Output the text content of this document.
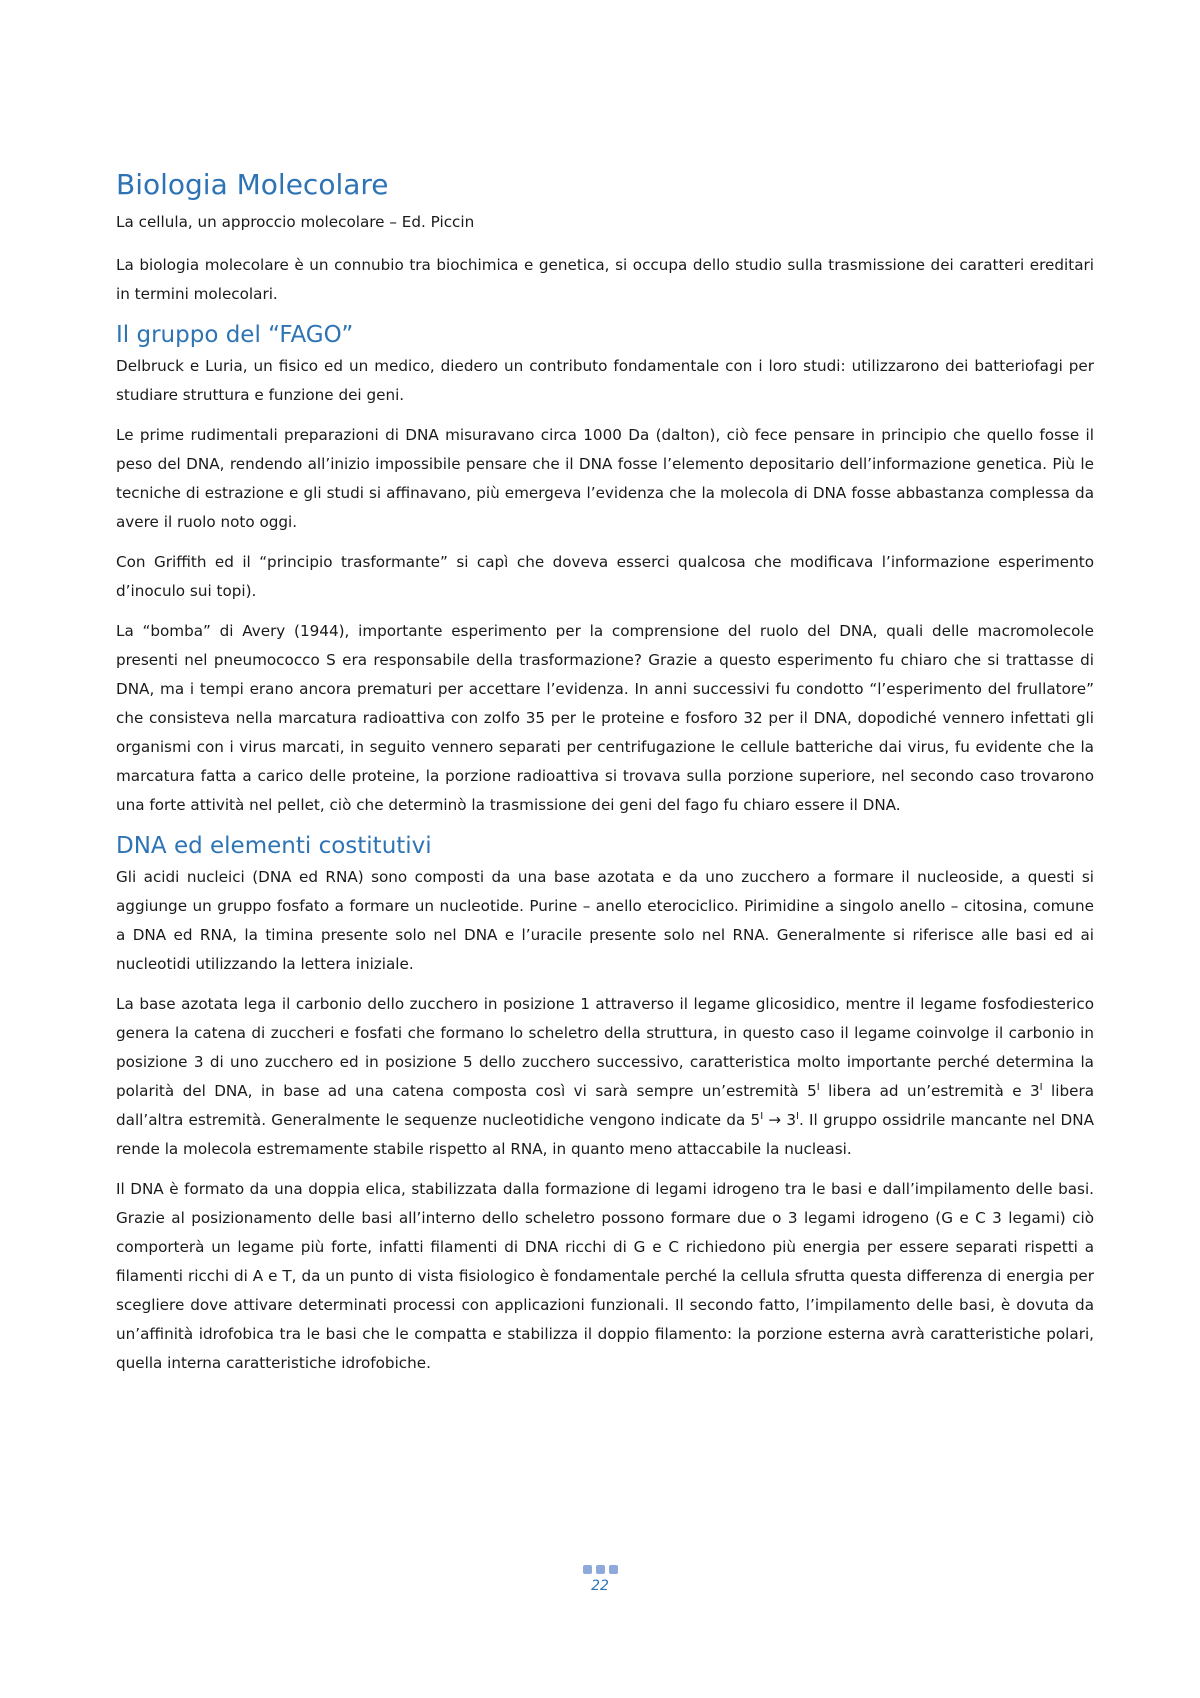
Biologia Molecolare

La cellula, un approccio molecolare – Ed. Piccin

La biologia molecolare è un connubio tra biochimica e genetica, si occupa dello studio sulla trasmissione dei caratteri ereditari in termini molecolari.

Il gruppo del “FAGO”

Delbruck e Luria, un fisico ed un medico, diedero un contributo fondamentale con i loro studi: utilizzarono dei batteriofagi per studiare struttura e funzione dei geni.

Le prime rudimentali preparazioni di DNA misuravano circa 1000 Da (dalton), ciò fece pensare in principio che quello fosse il peso del DNA, rendendo all’inizio impossibile pensare che il DNA fosse l’elemento depositario dell’informazione genetica. Più le tecniche di estrazione e gli studi si affinavano, più emergeva l’evidenza che la molecola di DNA fosse abbastanza complessa da avere il ruolo noto oggi.

Con Griffith ed il “principio trasformante” si capì che doveva esserci qualcosa che modificava l’informazione esperimento d’inoculo sui topi).

La “bomba” di Avery (1944), importante esperimento per la comprensione del ruolo del DNA, quali delle macromolecole presenti nel pneumococco S era responsabile della trasformazione? Grazie a questo esperimento fu chiaro che si trattasse di DNA, ma i tempi erano ancora prematuri per accettare l’evidenza. In anni successivi fu condotto “l’esperimento del frullatore” che consisteva nella marcatura radioattiva con zolfo 35 per le proteine e fosforo 32 per il DNA, dopodiché vennero infettati gli organismi con i virus marcati, in seguito vennero separati per centrifugazione le cellule batteriche dai virus, fu evidente che la marcatura fatta a carico delle proteine, la porzione radioattiva si trovava sulla porzione superiore, nel secondo caso trovarono una forte attività nel pellet, ciò che determinò la trasmissione dei geni del fago fu chiaro essere il DNA.

DNA ed elementi costitutivi

Gli acidi nucleici (DNA ed RNA) sono composti da una base azotata e da uno zucchero a formare il nucleoside, a questi si aggiunge un gruppo fosfato a formare un nucleotide. Purine – anello eterociclico. Pirimidine a singolo anello – citosina, comune a DNA ed RNA, la timina presente solo nel DNA e l’uracile presente solo nel RNA. Generalmente si riferisce alle basi ed ai nucleotidi utilizzando la lettera iniziale.

La base azotata lega il carbonio dello zucchero in posizione 1 attraverso il legame glicosidico, mentre il legame fosfodiesterico genera la catena di zuccheri e fosfati che formano lo scheletro della struttura, in questo caso il legame coinvolge il carbonio in posizione 3 di uno zucchero ed in posizione 5 dello zucchero successivo, caratteristica molto importante perché determina la polarità del DNA, in base ad una catena composta così vi sarà sempre un’estremità $5^I$ libera ad un’estremità e $3^I$ libera dall’altra estremità. Generalmente le sequenze nucleotidiche vengono indicate da $5^I \to 3^I$. Il gruppo ossidrile mancante nel DNA rende la molecola estremamente stabile rispetto al RNA, in quanto meno attaccabile la nucleasi.

Il DNA è formato da una doppia elica, stabilizzata dalla formazione di legami idrogeno tra le basi e dall’impilamento delle basi. Grazie al posizionamento delle basi all’interno dello scheletro possono formare due o 3 legami idrogeno (G e C 3 legami) ciò comporterà un legame più forte, infatti filamenti di DNA ricchi di G e C richiedono più energia per essere separati rispetti a filamenti ricchi di A e T, da un punto di vista fisiologico è fondamentale perché la cellula sfrutta questa differenza di energia per scegliere dove attivare determinati processi con applicazioni funzionali. Il secondo fatto, l’impilamento delle basi, è dovuta da un’affinità idrofobica tra le basi che le compatta e stabilizza il doppio filamento: la porzione esterna avrà caratteristiche polari, quella interna caratteristiche idrofobiche.

22
